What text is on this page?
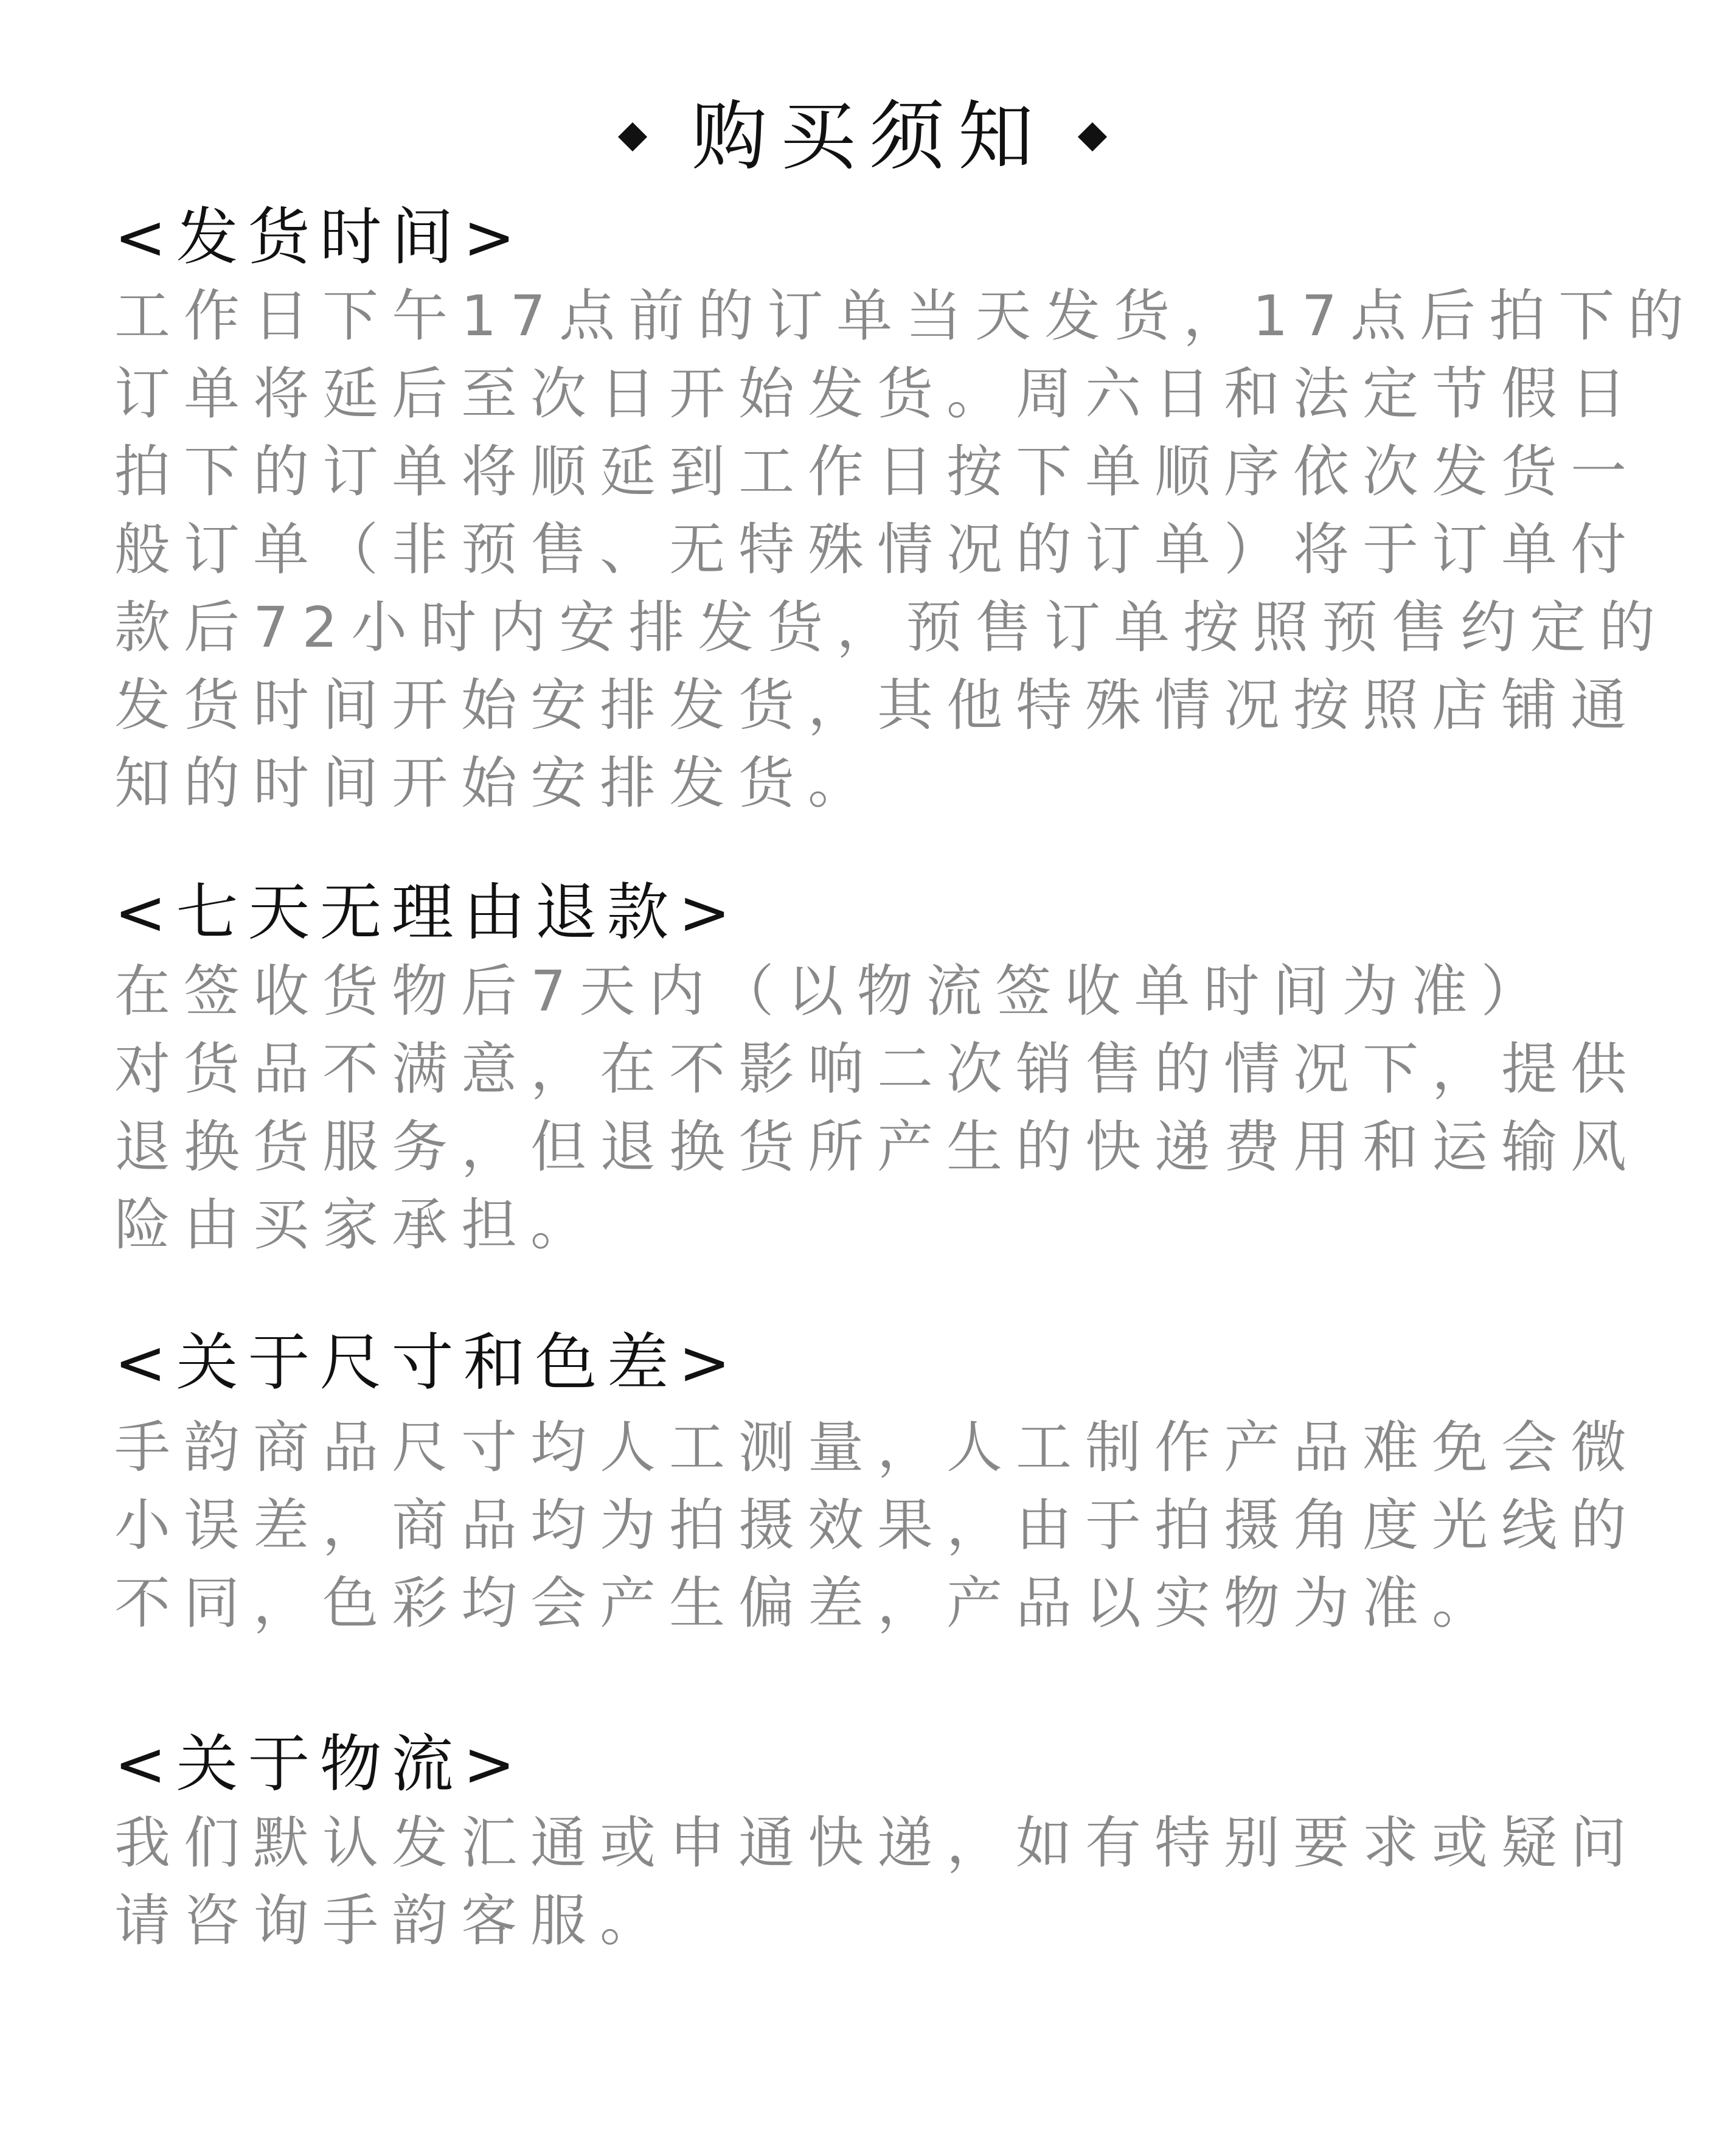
购买须知
<发货时间>
工作日下午17点前的订单当天发货，17点后拍下的
订单将延后至次日开始发货。周六日和法定节假日
拍下的订单将顺延到工作日按下单顺序依次发货一
般订单（非预售、无特殊情况的订单）将于订单付
款后72小时内安排发货，预售订单按照预售约定的
发货时间开始安排发货，其他特殊情况按照店铺通
知的时间开始安排发货。
<七天无理由退款>
在签收货物后7天内（以物流签收单时间为准）
对货品不满意，在不影响二次销售的情况下，提供
退换货服务，但退换货所产生的快递费用和运输风
险由买家承担。
<关于尺寸和色差>
手韵商品尺寸均人工测量，人工制作产品难免会微
小误差，商品均为拍摄效果，由于拍摄角度光线的
不同，色彩均会产生偏差，产品以实物为准。
<关于物流>
我们默认发汇通或申通快递，如有特别要求或疑问
请咨询手韵客服。
